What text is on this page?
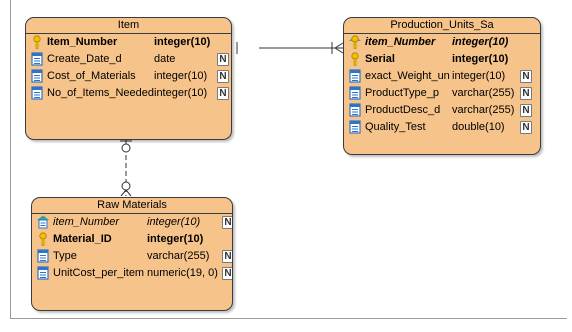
Item
Item_Number	integer(10)
Create_Date_d	date	N
Cost_of_Materials integer(10) N
No_of_Items_Needed integer(10) N
Production_Units_Sa
item_Number integer(10)
Serial	integer(10)
exact_Weight_un integer(10) N
ProductType_p varchar(255) N
ProductDesc_d varchar(255) N
Quality_Test double(10) N
Raw Materials
item_Number	integer(10) N
Material_ID	integer(10)
Type	varchar(255) N
UnitCost_per_item numeric(19, 0) N
